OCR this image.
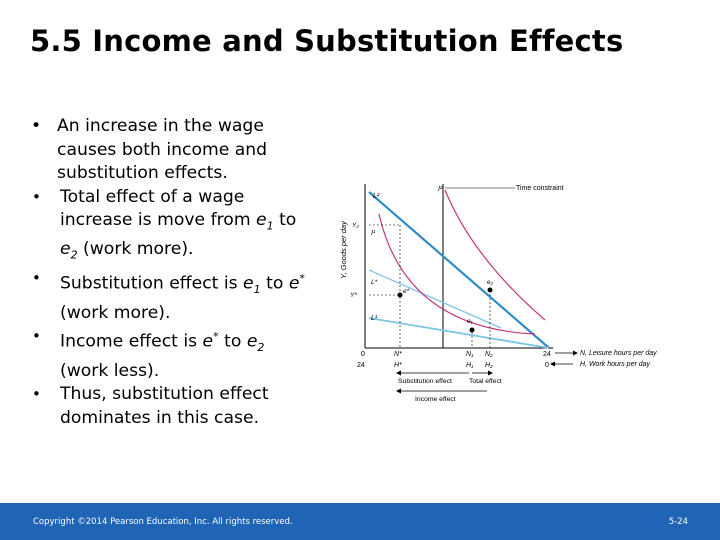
5.5 Income and Substitution Effects
• An increase in the wage causes both income and substitution effects.
• Total effect of a wage increase is move from $e_1$ to $e_2$ (work more).
• Substitution effect is $e_1$ to e* (work more).
• Income effect is e* to $e_2$ (work less).
• Thus, substitution effect dominates in this case.
Y, Goods per day
Time constraint
L²
I²
Y₂
I¹
L*
Y*
e*
e₂
L¹	e₁
0	N*	N₁ N₂	24	N, Leisure hours per day
24	H*	H₁ H₂	0	H, Work hours per day
Substitution effect	Total effect
Income effect
Copyright ©2014 Pearson Education, Inc. All rights reserved.	5-24
